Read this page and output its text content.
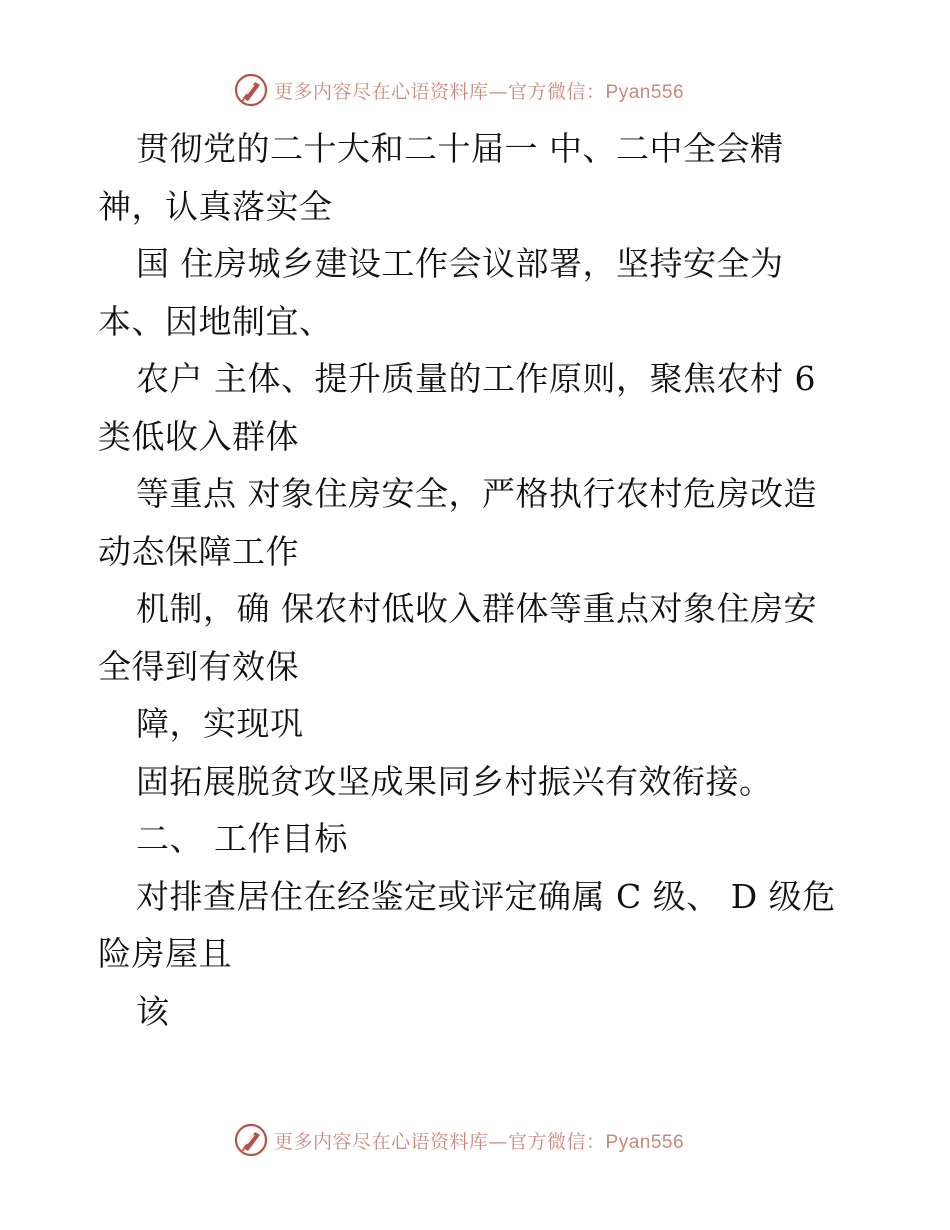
更多内容尽在心语资料库—官方微信：Pyan556
贯彻党的二十大和二十届一 中、二中全会精
神，认真落实全
国 住房城乡建设工作会议部署，坚持安全为
本、因地制宜、
农户 主体、提升质量的工作原则，聚焦农村 6
类低收入群体
等重点 对象住房安全，严格执行农村危房改造
动态保障工作
机制，确 保农村低收入群体等重点对象住房安
全得到有效保
障，实现巩
固拓展脱贫攻坚成果同乡村振兴有效衔接。
二、 工作目标
对排查居住在经鉴定或评定确属 C 级、 D 级危
险房屋且
该
更多内容尽在心语资料库—官方微信：Pyan556
